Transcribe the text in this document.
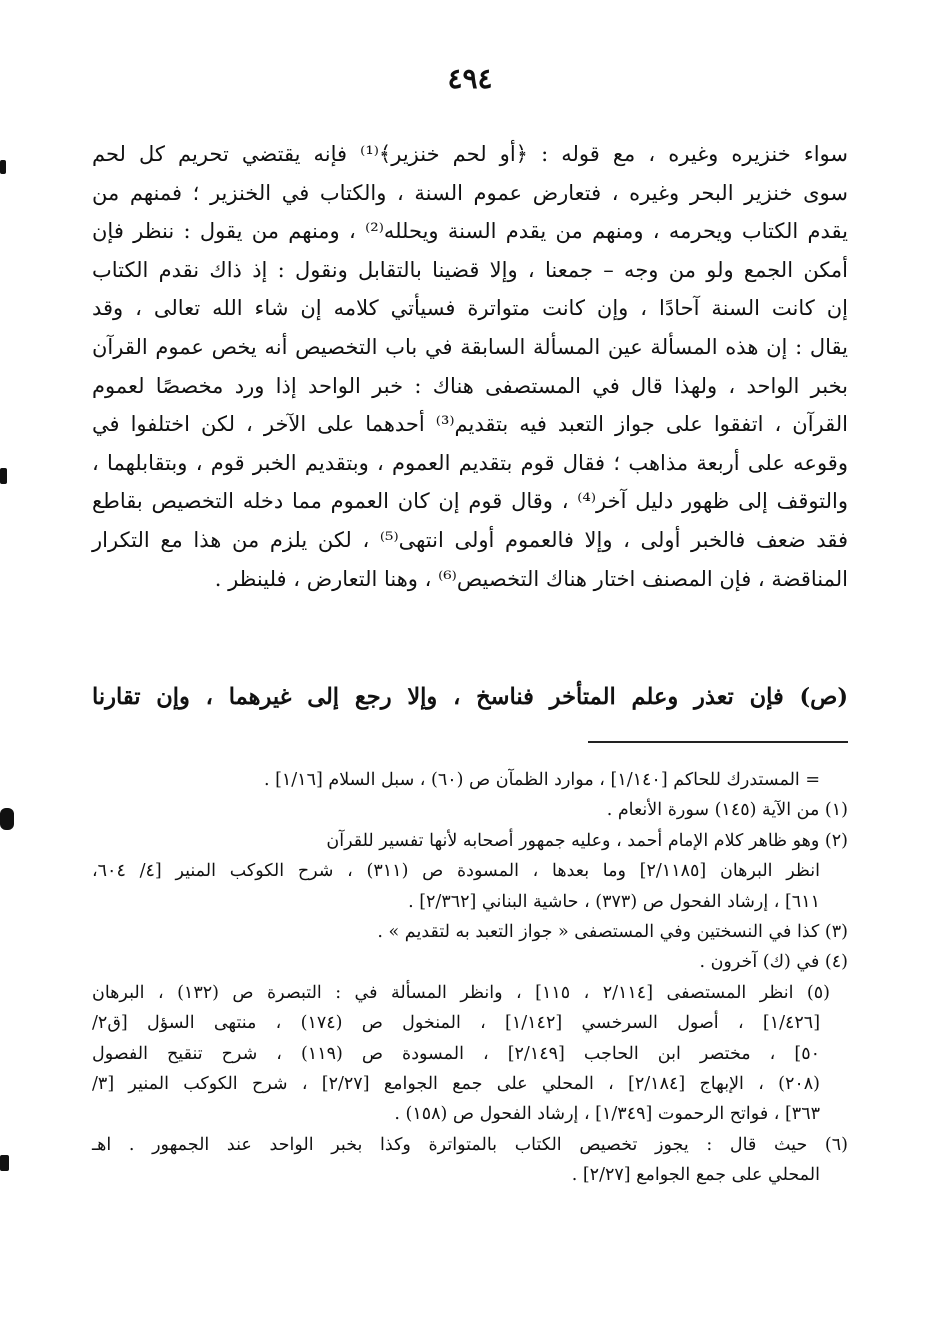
٤٩٤
سواء خنزيره وغيره ، مع قوله : ﴿أو لحم خنزير﴾⁽¹⁾ فإنه يقتضي تحريم كل لحم
سوى خنزير البحر وغيره ، فتعارض عموم السنة ، والكتاب في الخنزير ؛ فمنهم من
يقدم الكتاب ويحرمه ، ومنهم من يقدم السنة ويحلله⁽²⁾ ، ومنهم من يقول : ننظر فإن
أمكن الجمع ولو من وجه – جمعنا ، وإلا قضينا بالتقابل ونقول : إذ ذاك نقدم الكتاب
إن كانت السنة آحادًا ، وإن كانت متواترة فسيأتي كلامه إن شاء الله تعالى ، وقد
يقال : إن هذه المسألة عين المسألة السابقة في باب التخصيص أنه يخص عموم القرآن
بخبر الواحد ، ولهذا قال في المستصفى هناك : خبر الواحد إذا ورد مخصصًا لعموم
القرآن ، اتفقوا على جواز التعبد فيه بتقديم⁽³⁾ أحدهما على الآخر ، لكن اختلفوا في
وقوعه على أربعة مذاهب ؛ فقال قوم بتقديم العموم ، وبتقديم الخبر قوم ، وبتقابلهما ،
والتوقف إلى ظهور دليل آخر⁽⁴⁾ ، وقال قوم إن كان العموم مما دخله التخصيص بقاطع
فقد ضعف فالخبر أولى ، وإلا فالعموم أولى انتهى⁽⁵⁾ ، لكن يلزم من هذا مع التكرار
المناقضة ، فإن المصنف اختار هناك التخصيص⁽⁶⁾ ، وهنا التعارض ، فلينظر .
(ص) فإن تعذر وعلم المتأخر فناسخ ، وإلا رجع إلى غيرهما ، وإن تقارنا
= المستدرك للحاكم [١/١٤٠] ، موارد الظمآن ص (٦٠) ، سبل السلام [١/١٦] .
(١) من الآية (١٤٥) سورة الأنعام .
(٢) وهو ظاهر كلام الإمام أحمد ، وعليه جمهور أصحابه لأنها تفسير للقرآن
انظر البرهان [٢/١١٨٥] وما بعدها ، المسودة ص (٣١١) ، شرح الكوكب المنير [٤/ ٦٠٤،
٦١١] ، إرشاد الفحول ص (٣٧٣) ، حاشية البناني [٢/٣٦٢] .
(٣) كذا في النسختين وفي المستصفى « جواز التعبد به لتقديم » .
(٤) في (ك) آخرون .
(٥) انظر المستصفى [٢/١١٤ ، ١١٥] ، وانظر المسألة في : التبصرة ص (١٣٢) ، البرهان
[١/٤٢٦] ، أصول السرخسي [١/١٤٢] ، المنخول ص (١٧٤) ، منتهى السؤل [ق٢/
٥٠] ، مختصر ابن الحاجب [٢/١٤٩] ، المسودة ص (١١٩) ، شرح تنقيح الفصول
(٢٠٨) ، الإبهاج [٢/١٨٤] ، المحلي على جمع الجوامع [٢/٢٧] ، شرح الكوكب المنير [٣/
٣٦٣] ، فواتح الرحموت [١/٣٤٩] ، إرشاد الفحول ص (١٥٨) .
(٦) حيث قال : يجوز تخصيص الكتاب بالمتواترة وكذا بخبر الواحد عند الجمهور . اهـ
المحلي على جمع الجوامع [٢/٢٧] .
